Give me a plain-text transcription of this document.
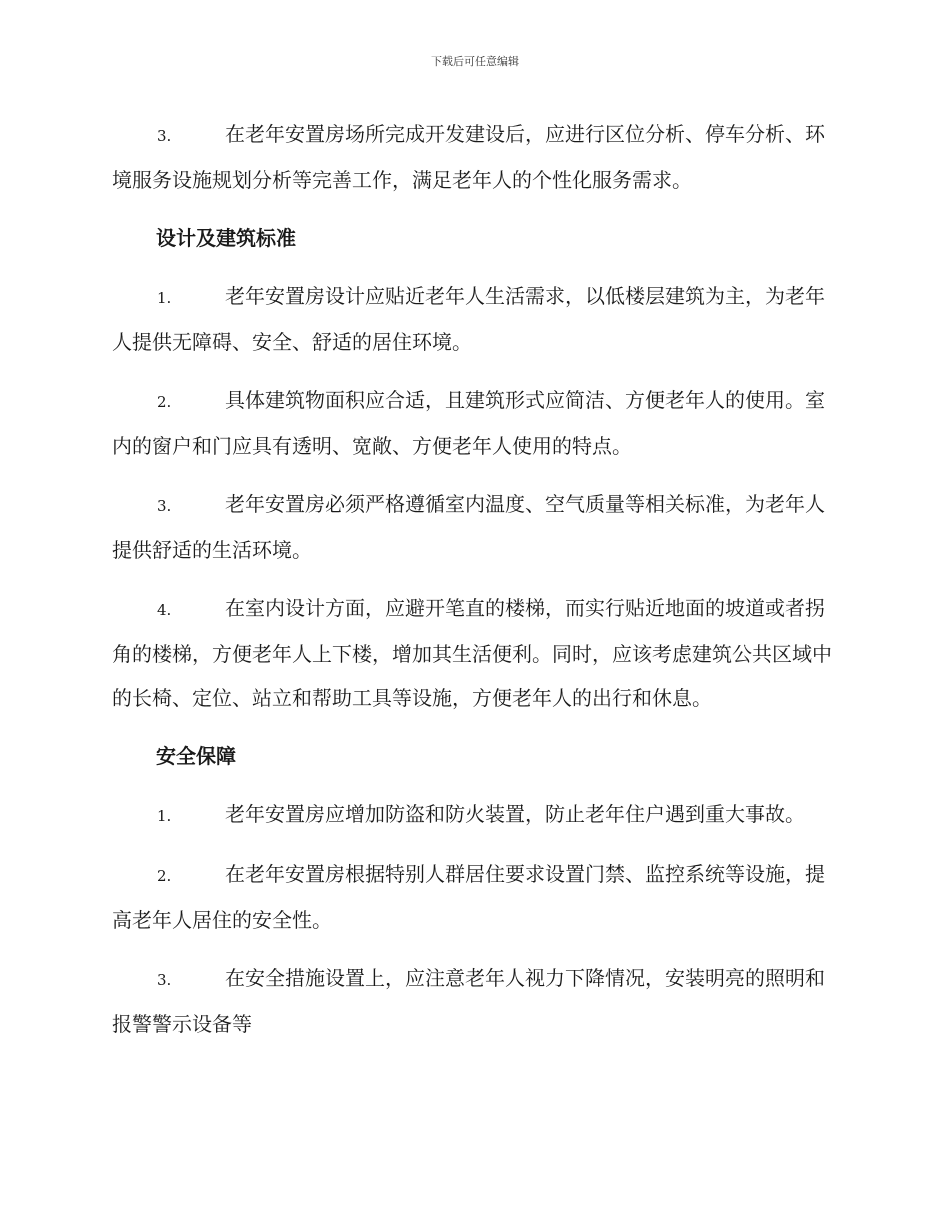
下载后可任意编辑

3.	在老年安置房场所完成开发建设后，应进行区位分析、停车分析、环境服务设施规划分析等完善工作，满足老年人的个性化服务需求。

设计及建筑标准

1.	老年安置房设计应贴近老年人生活需求，以低楼层建筑为主，为老年人提供无障碍、安全、舒适的居住环境。

2.	具体建筑物面积应合适，且建筑形式应简洁、方便老年人的使用。室内的窗户和门应具有透明、宽敞、方便老年人使用的特点。

3.	老年安置房必须严格遵循室内温度、空气质量等相关标准，为老年人提供舒适的生活环境。

4.	在室内设计方面，应避开笔直的楼梯，而实行贴近地面的坡道或者拐角的楼梯，方便老年人上下楼，增加其生活便利。同时，应该考虑建筑公共区域中的长椅、定位、站立和帮助工具等设施，方便老年人的出行和休息。

安全保障

1.	老年安置房应增加防盗和防火装置，防止老年住户遇到重大事故。

2.	在老年安置房根据特别人群居住要求设置门禁、监控系统等设施，提高老年人居住的安全性。

3.	在安全措施设置上，应注意老年人视力下降情况，安装明亮的照明和报警警示设备等
